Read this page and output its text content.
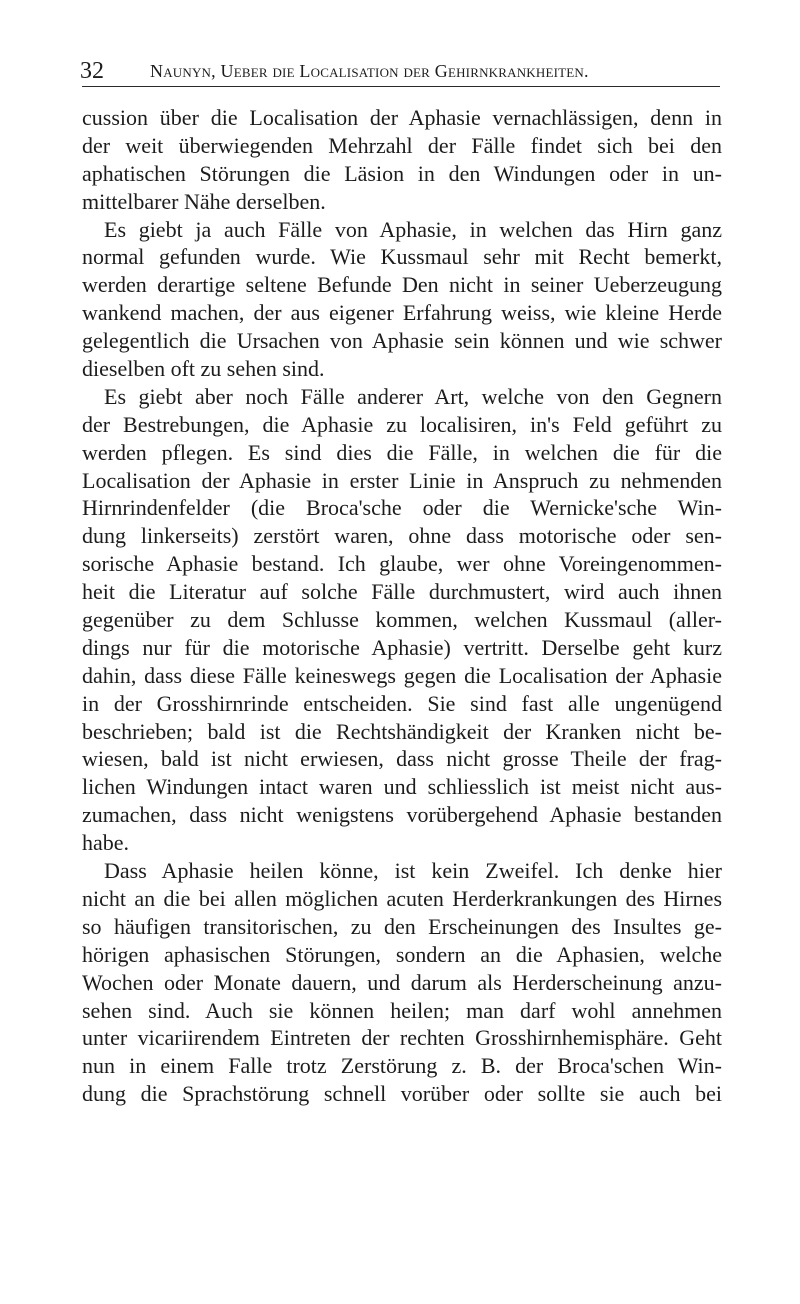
32	Naunyn, Ueber die Localisation der Gehirnkrankheiten.
cussion über die Localisation der Aphasie vernachlässigen, denn in
der weit überwiegenden Mehrzahl der Fälle findet sich bei den
aphatischen Störungen die Läsion in den Windungen oder in un-
mittelbarer Nähe derselben.
Es giebt ja auch Fälle von Aphasie, in welchen das Hirn ganz
normal gefunden wurde. Wie Kussmaul sehr mit Recht bemerkt,
werden derartige seltene Befunde Den nicht in seiner Ueberzeugung
wankend machen, der aus eigener Erfahrung weiss, wie kleine Herde
gelegentlich die Ursachen von Aphasie sein können und wie schwer
dieselben oft zu sehen sind.
Es giebt aber noch Fälle anderer Art, welche von den Gegnern
der Bestrebungen, die Aphasie zu localisiren, in's Feld geführt zu
werden pflegen. Es sind dies die Fälle, in welchen die für die
Localisation der Aphasie in erster Linie in Anspruch zu nehmenden
Hirnrindenfelder (die Broca'sche oder die Wernicke'sche Win-
dung linkerseits) zerstört waren, ohne dass motorische oder sen-
sorische Aphasie bestand. Ich glaube, wer ohne Voreingenommen-
heit die Literatur auf solche Fälle durchmustert, wird auch ihnen
gegenüber zu dem Schlusse kommen, welchen Kussmaul (aller-
dings nur für die motorische Aphasie) vertritt. Derselbe geht kurz
dahin, dass diese Fälle keineswegs gegen die Localisation der Aphasie
in der Grosshirnrinde entscheiden. Sie sind fast alle ungenügend
beschrieben; bald ist die Rechtshändigkeit der Kranken nicht be-
wiesen, bald ist nicht erwiesen, dass nicht grosse Theile der frag-
lichen Windungen intact waren und schliesslich ist meist nicht aus-
zumachen, dass nicht wenigstens vorübergehend Aphasie bestanden
habe.
Dass Aphasie heilen könne, ist kein Zweifel. Ich denke hier
nicht an die bei allen möglichen acuten Herderkrankungen des Hirnes
so häufigen transitorischen, zu den Erscheinungen des Insultes ge-
hörigen aphasischen Störungen, sondern an die Aphasien, welche
Wochen oder Monate dauern, und darum als Herderscheinung anzu-
sehen sind. Auch sie können heilen; man darf wohl annehmen
unter vicariirendem Eintreten der rechten Grosshirnhemisphäre. Geht
nun in einem Falle trotz Zerstörung z. B. der Broca'schen Win-
dung die Sprachstörung schnell vorüber oder sollte sie auch bei
